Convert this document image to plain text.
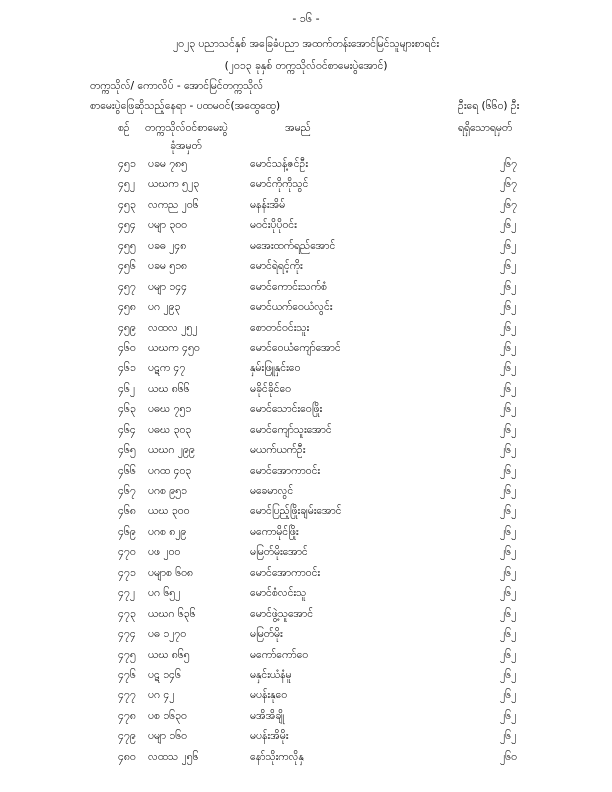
- ၁၆ -
၂၀၂၃ ပညာသင်နှစ် အခြေခံပညာ အထက်တန်းအောင်မြင်သူများစာရင်း
(၂၀၁၃ ခုနှစ် တက္ကသိုလ်ဝင်စာမေးပွဲအောင်)
တက္ကသိုလ်/ ကောလိပ် - အောင်မြင်တက္ကသိုလ်
စာမေးပွဲဖြေဆိုသည့်နေရာ - ပထမဝင်(အထွေထွေ)	ဦးရေ (၆၆၀) ဦး
စဉ် တက္ကသိုလ်ဝင်စာမေးပွဲ
ခုံအမှတ်
အမည်	ရရှိသောရမှတ်
၄၅၁ ပခမ ၇၈၅	မောင်သန့်ဇင်ဦး	၂၆၇
၄၅၂ ယဃက ၅၂၃	မောင်ကိုကိုသွင်	၂၆၇
၄၅၃ လကည ၂၀၆	မနန်းအိမ်	၂၆၇
၄၅၄ ပမျာ ၃၀၀	မဝင်းပိုပိုဝင်း	၂၆၂
၄၅၅ ပခဓ ၂၄၈	မအေးထက်ရည်အောင်	၂၆၂
၄၅၆ ပခမ ၅၁၈	မောင်ရဲရင့်ကိုး	၂၆၂
၄၅၇ ပမျာ ၁၄၄	မောင်ကောင်းသက်စံ	၂၆၂
၄၅၈ ပဂ ၂၉၃	မောင်ယက်ဝေယံလွင်း	၂၆၂
၄၅၉ လထလ ၂၅၂	စောတင်ဝင်းသူး	၂၆၂
၄၆၀ ယဃက ၄၅၀	မောင်ဝေယံကျော်အောင်	၂၆၂
၄၆၁ ပဋက ၄၇	နှမ်းဖြူနှင်းဝေ	၂၆၂
၄၆၂ ယဃ ၈၆၆	မခိုင်ခိုင်ဝေ	၂၆၂
၄၆၃ ပဓဃ ၇၅၁	မောင်သောင်းဝေဖြိုး	၂၆၂
၄၆၄ ပဓဃ ၃၀၃	မောင်ကျော်သူးအောင်	၂၆၂
၄၆၅ ယဃဂ ၂၉၉	မယက်ယက်ဦး	၂၆၂
၄၆၆ ပဂထ ၄၀၃	မောင်အောကာဝင်း	၂၆၂
၄၆၇ ပဂစ ၉၅၁	မခေမာလွင်	၂၆၂
၄၆၈ ယဃ ၃၀၀	မောင်ပြည့်ဖြိုးချမ်းအောင်	၂၆၂
၄၆၉ ပဂစ ၈၂၉	မကောမိုင်ဖြိုး	၂၆၂
၄၇၀ ပဖ ၂၀၀	မမြတ်မိုးအောင်	၂၆၂
၄၇၁ ပမျာစ ၆၀၈	မောင်အောကာဝင်း	၂၆၂
၄၇၂ ပဂ ၆၅၂	မောင်စံလင်းသူ	၂၆၂
၄၇၃ ယဃဂ ၆၃၆	မောင်ဖွဲ့သူအောင်	၂၆၂
၄၇၄ ပဓ ၁၂၇၀	မမြတ်မိုး	၂၆၂
၄၇၅ ယဃ ၈၆၅	မကော်ကော်ဝေ	၂၆၂
၄၇၆ ပဋ ၁၄၆	မနှင်းယံနံမူ	၂၆၂
၄၇၇ ပဂ ၄၂	မပန်းနုဝေ	၂၆၂
၄၇၈ ပစ ၁၆၃၀	မအိအိချို	၂၆၂
၄၇၉ ပမျာ ၁၆၀	မပန်းအိမိုး	၂၆၂
၄၈၀ လထသ ၂၅၆	နော်သိုးကလိုနှ	၂၆၀
